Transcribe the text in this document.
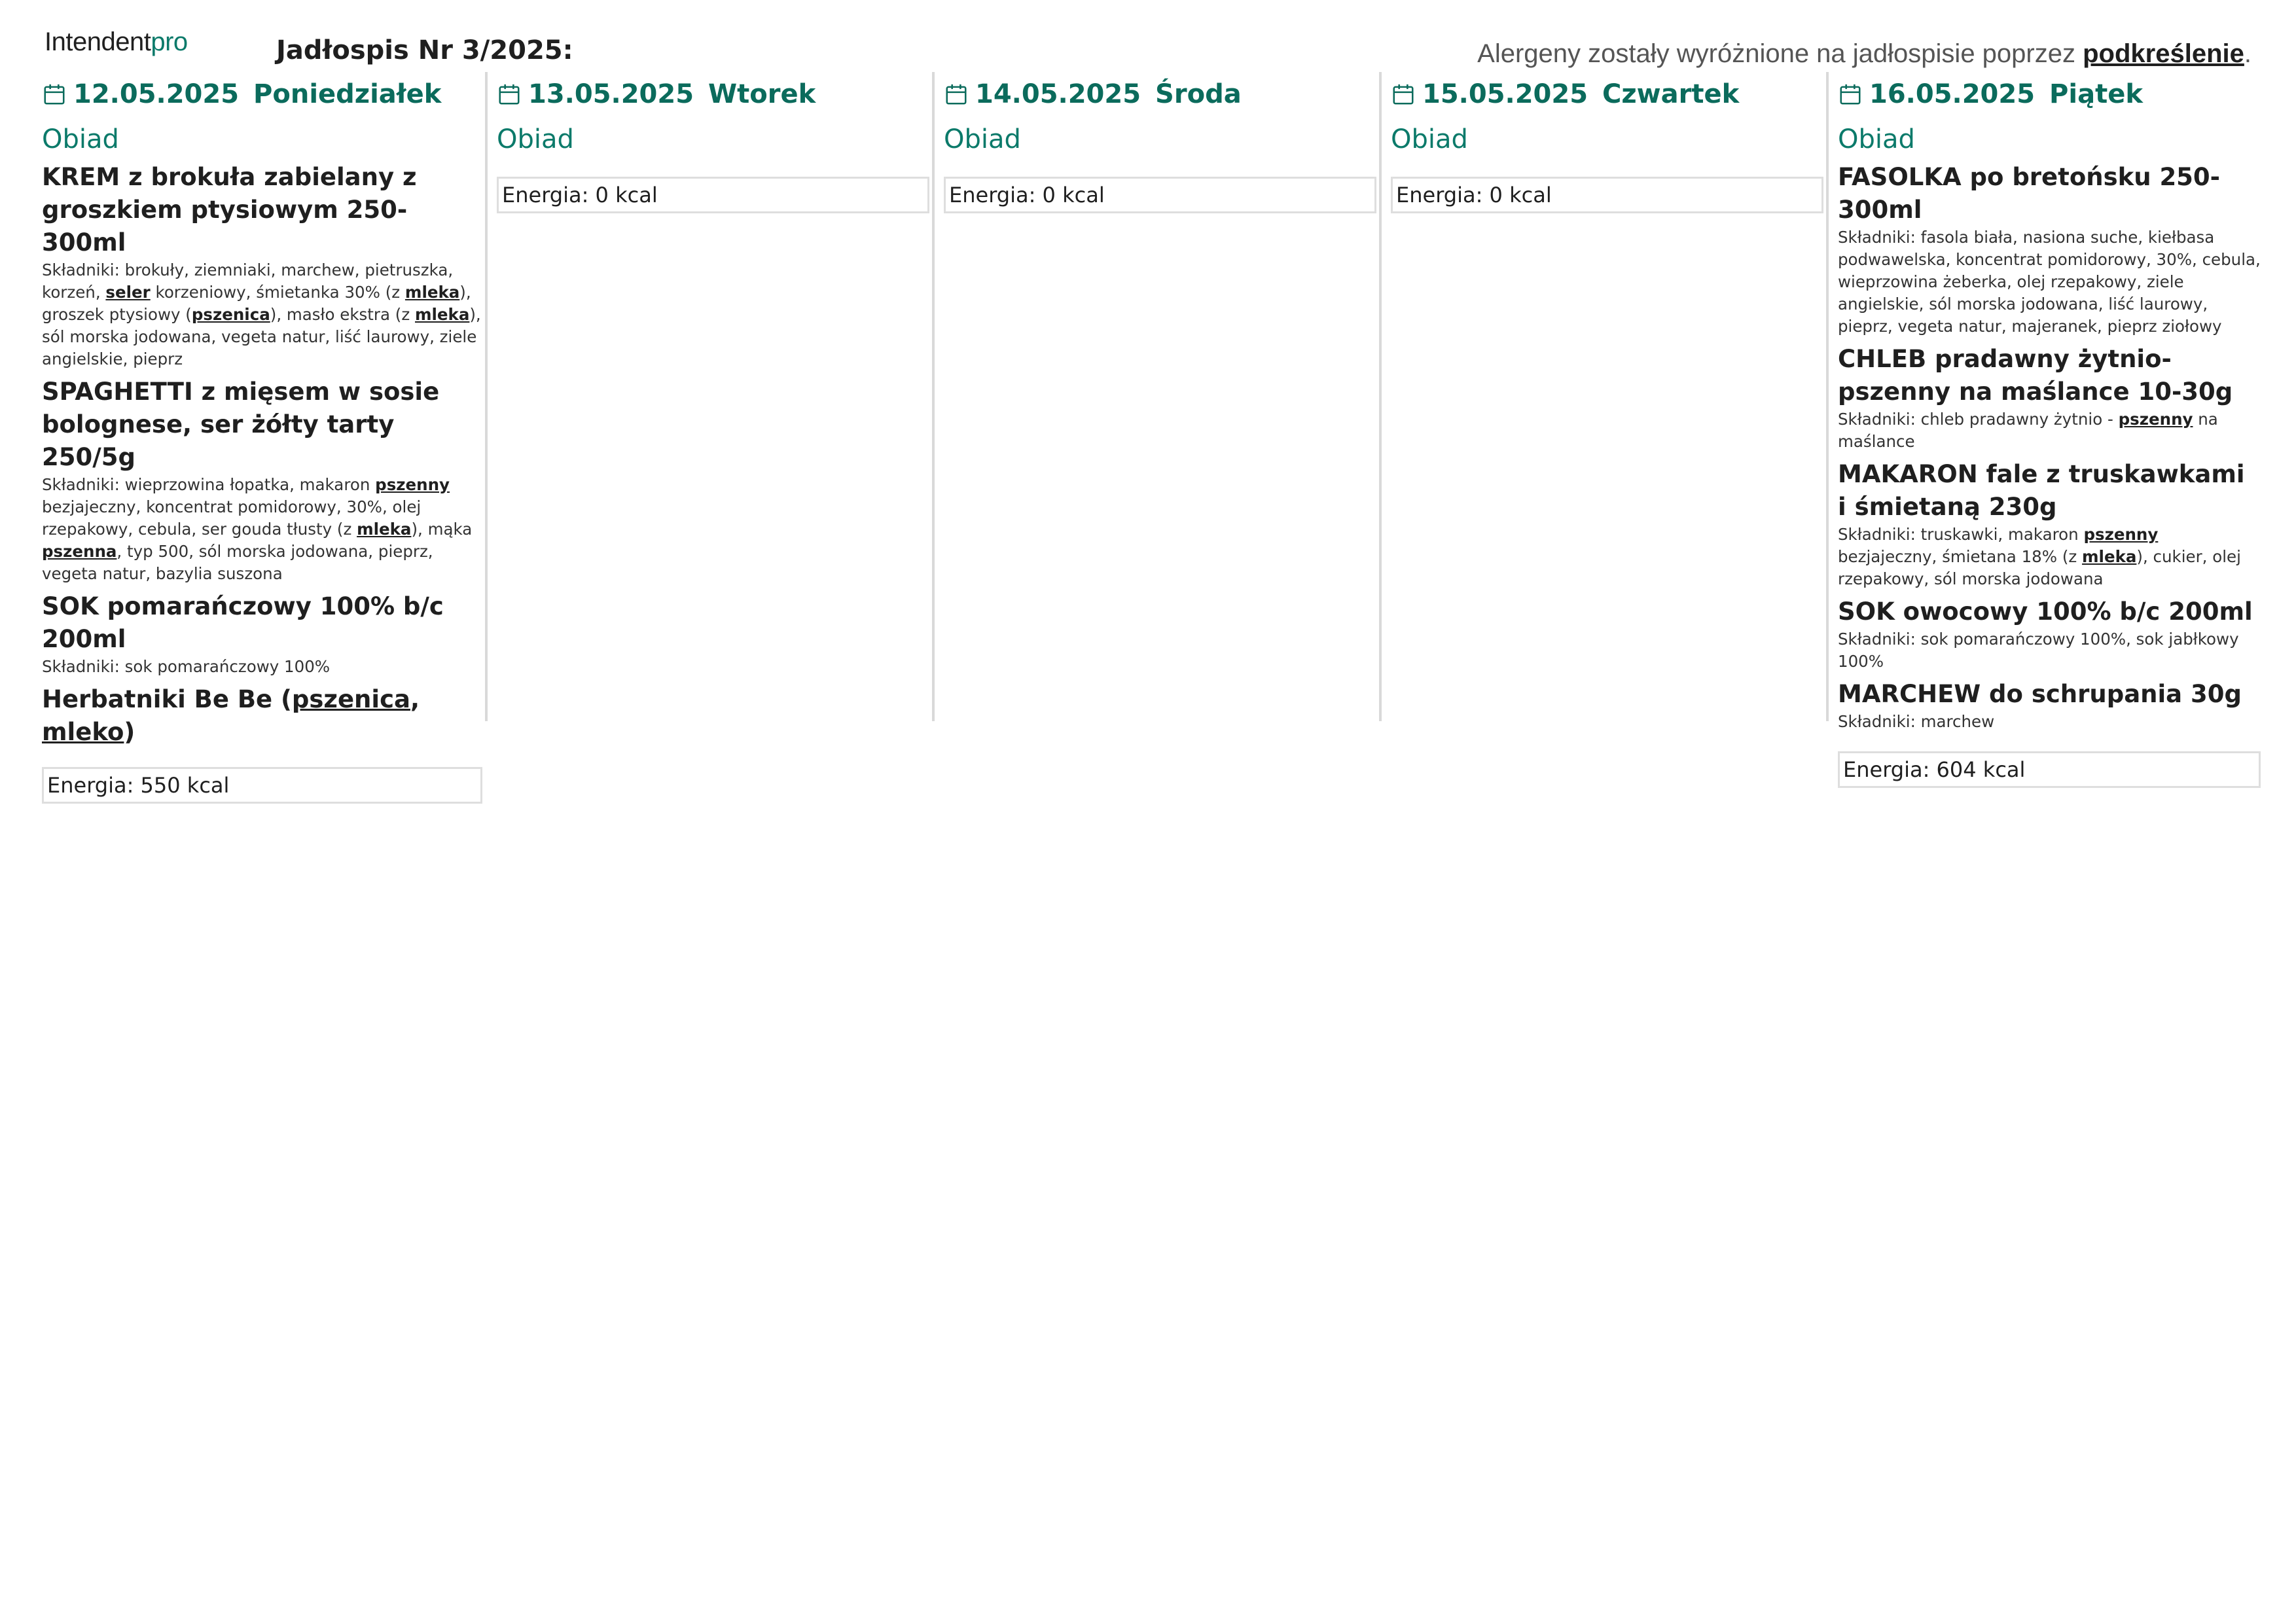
Intendentpro	Jadłospis Nr 3/2025:	Alergeny zostały wyróżnione na jadłospisie poprzez podkreślenie.
12.05.2025 Poniedziałek
Obiad
KREM z brokuła zabielany z groszkiem ptysiowym 250-300ml
Składniki: brokuły, ziemniaki, marchew, pietruszka, korzeń, seler korzeniowy, śmietanka 30% (z mleka), groszek ptysiowy (pszenica), masło ekstra (z mleka), sól morska jodowana, vegeta natur, liść laurowy, ziele angielskie, pieprz
SPAGHETTI z mięsem w sosie bolognese, ser żółty tarty 250/5g
Składniki: wieprzowina łopatka, makaron pszenny bezjajeczny, koncentrat pomidorowy, 30%, olej rzepakowy, cebula, ser gouda tłusty (z mleka), mąka pszenna, typ 500, sól morska jodowana, pieprz, vegeta natur, bazylia suszona
SOK pomarańczowy 100% b/c 200ml
Składniki: sok pomarańczowy 100%
Herbatniki Be Be (pszenica, mleko)
Energia: 550 kcal
13.05.2025 Wtorek
Obiad
Energia: 0 kcal
14.05.2025 Środa
Obiad
Energia: 0 kcal
15.05.2025 Czwartek
Obiad
Energia: 0 kcal
16.05.2025 Piątek
Obiad
FASOLKA po bretońsku 250-300ml
Składniki: fasola biała, nasiona suche, kiełbasa podwawelska, koncentrat pomidorowy, 30%, cebula, wieprzowina żeberka, olej rzepakowy, ziele angielskie, sól morska jodowana, liść laurowy, pieprz, vegeta natur, majeranek, pieprz ziołowy
CHLEB pradawny żytnio- pszenny na maślance 10-30g
Składniki: chleb pradawny żytnio - pszenny na maślance
MAKARON fale z truskawkami i śmietaną 230g
Składniki: truskawki, makaron pszenny bezjajeczny, śmietana 18% (z mleka), cukier, olej rzepakowy, sól morska jodowana
SOK owocowy 100% b/c 200ml
Składniki: sok pomarańczowy 100%, sok jabłkowy 100%
MARCHEW do schrupania 30g
Składniki: marchew
Energia: 604 kcal
